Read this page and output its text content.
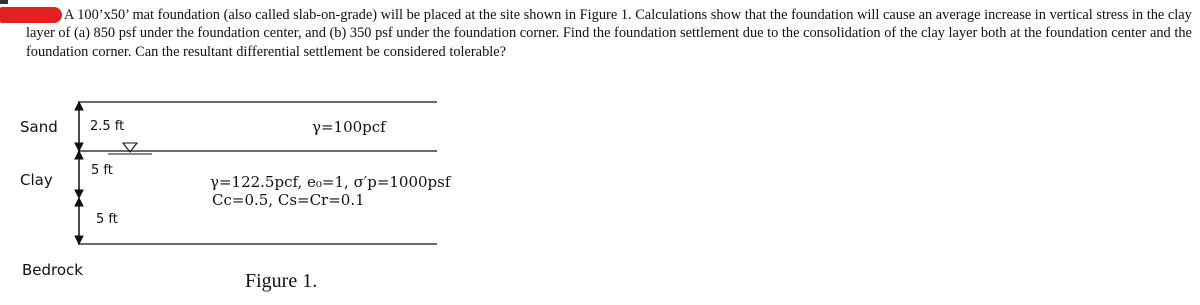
A 100’x50’ mat foundation (also called slab-on-grade) will be placed at the site shown in Figure 1. Calculations show that the foundation will cause an average increase in vertical stress in the clay layer of (a) 850 psf under the foundation center, and (b) 350 psf under the foundation corner. Find the foundation settlement due to the consolidation of the clay layer both at the foundation center and the foundation corner. Can the resultant differential settlement be considered tolerable?
Sand 2.5 ft	γ=100pcf
Clay
5 ft
γ=122.5pcf, e₀=1, σ′p=1000psf
Cc=0.5, Cs=Cr=0.1
5 ft
Bedrock	Figure 1.
